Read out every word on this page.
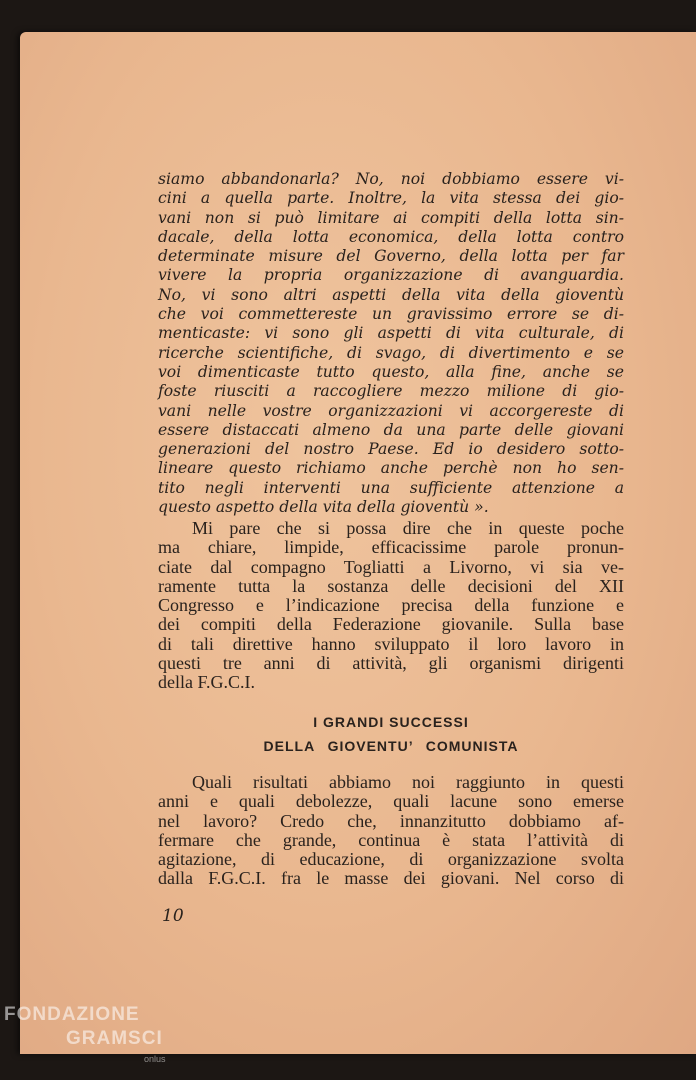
siamo abbandonarla? No, noi dobbiamo essere vi-
cini a quella parte. Inoltre, la vita stessa dei gio-
vani non si può limitare ai compiti della lotta sin-
dacale, della lotta economica, della lotta contro
determinate misure del Governo, della lotta per far
vivere la propria organizzazione di avanguardia.
No, vi sono altri aspetti della vita della gioventù
che voi commettereste un gravissimo errore se di-
menticaste: vi sono gli aspetti di vita culturale, di
ricerche scientifiche, di svago, di divertimento e se
voi dimenticaste tutto questo, alla fine, anche se
foste riusciti a raccogliere mezzo milione di gio-
vani nelle vostre organizzazioni vi accorgereste di
essere distaccati almeno da una parte delle giovani
generazioni del nostro Paese. Ed io desidero sotto-
lineare questo richiamo anche perchè non ho sen-
tito negli interventi una sufficiente attenzione a
questo aspetto della vita della gioventù ».
Mi pare che si possa dire che in queste poche
ma chiare, limpide, efficacissime parole pronun-
ciate dal compagno Togliatti a Livorno, vi sia ve-
ramente tutta la sostanza delle decisioni del XII
Congresso e l’indicazione precisa della funzione e
dei compiti della Federazione giovanile. Sulla base
di tali direttive hanno sviluppato il loro lavoro in
questi tre anni di attività, gli organismi dirigenti
della F.G.C.I.
I GRANDI SUCCESSI
DELLA GIOVENTU’ COMUNISTA
Quali risultati abbiamo noi raggiunto in questi
anni e quali debolezze, quali lacune sono emerse
nel lavoro? Credo che, innanzitutto dobbiamo af-
fermare che grande, continua è stata l’attività di
agitazione, di educazione, di organizzazione svolta
dalla F.G.C.I. fra le masse dei giovani. Nel corso di
10
FONDAZIONE
GRAMSCI
onlus
